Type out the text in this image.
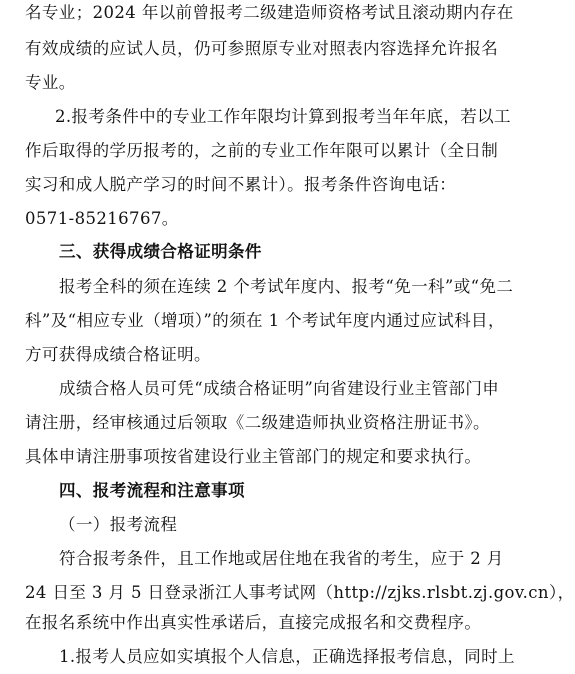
名专业；2024 年以前曾报考二级建造师资格考试且滚动期内存在
有效成绩的应试人员，仍可参照原专业对照表内容选择允许报名
专业。
2.报考条件中的专业工作年限均计算到报考当年年底，若以工
作后取得的学历报考的，之前的专业工作年限可以累计（全日制
实习和成人脱产学习的时间不累计）。报考条件咨询电话：
0571-85216767。
三、获得成绩合格证明条件
报考全科的须在连续 2 个考试年度内、报考“免一科”或“免二
科”及“相应专业（增项）”的须在 1 个考试年度内通过应试科目，
方可获得成绩合格证明。
成绩合格人员可凭“成绩合格证明”向省建设行业主管部门申
请注册，经审核通过后领取《二级建造师执业资格注册证书》。
具体申请注册事项按省建设行业主管部门的规定和要求执行。
四、报考流程和注意事项
（一）报考流程
符合报考条件，且工作地或居住地在我省的考生，应于 2 月
24 日至 3 月 5 日登录浙江人事考试网（http://zjks.rlsbt.zj.gov.cn），
在报名系统中作出真实性承诺后，直接完成报名和交费程序。
1.报考人员应如实填报个人信息，正确选择报考信息，同时上
